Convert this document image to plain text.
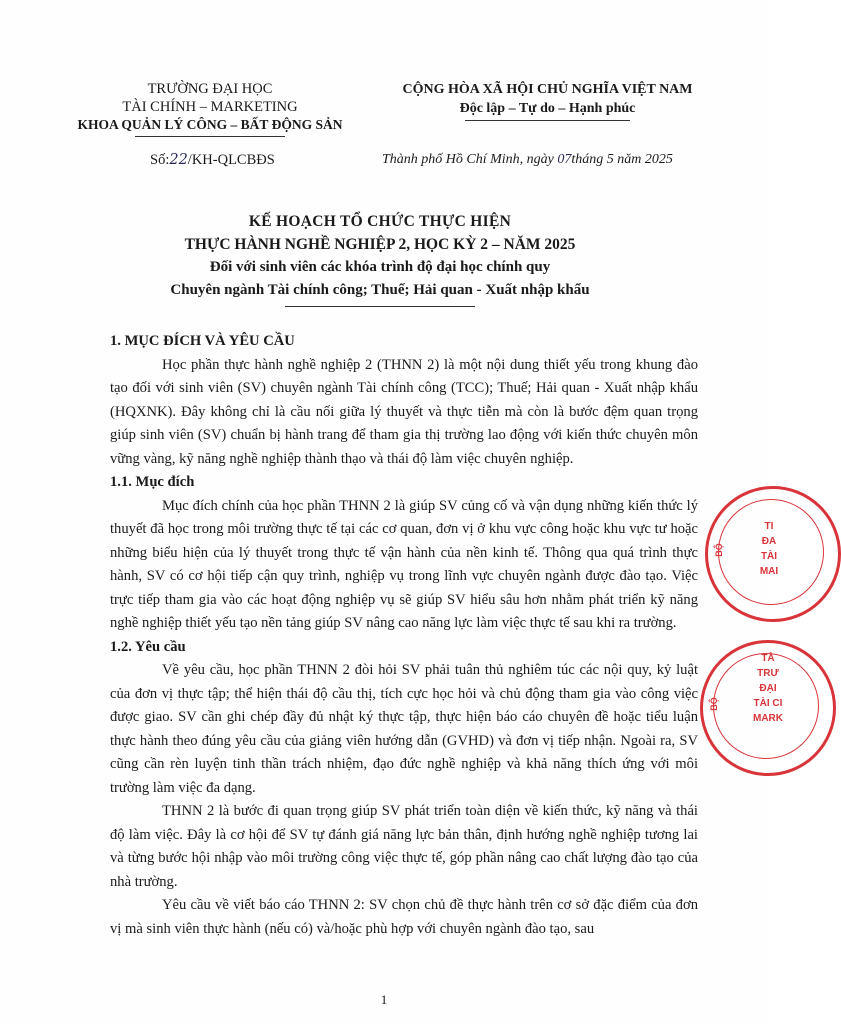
TRƯỜNG ĐẠI HỌC
TÀI CHÍNH – MARKETING
KHOA QUẢN LÝ CÔNG – BẤT ĐỘNG SẢN
CỘNG HÒA XÃ HỘI CHỦ NGHĨA VIỆT NAM
Độc lập – Tự do – Hạnh phúc
Số:22/KH-QLCBĐS	Thành phố Hồ Chí Minh, ngày 07tháng 5 năm 2025
KẾ HOẠCH TỔ CHỨC THỰC HIỆN
THỰC HÀNH NGHỀ NGHIỆP 2, HỌC KỲ 2 – NĂM 2025
Đối với sinh viên các khóa trình độ đại học chính quy
Chuyên ngành Tài chính công; Thuế; Hải quan - Xuất nhập khẩu
1. MỤC ĐÍCH VÀ YÊU CẦU

Học phần thực hành nghề nghiệp 2 (THNN 2) là một nội dung thiết yếu trong khung đào tạo đối với sinh viên (SV) chuyên ngành Tài chính công (TCC); Thuế; Hải quan - Xuất nhập khẩu (HQXNK). Đây không chỉ là cầu nối giữa lý thuyết và thực tiễn mà còn là bước đệm quan trọng giúp sinh viên (SV) chuẩn bị hành trang để tham gia thị trường lao động với kiến thức chuyên môn vững vàng, kỹ năng nghề nghiệp thành thạo và thái độ làm việc chuyên nghiệp.

1.1. Mục đích

Mục đích chính của học phần THNN 2 là giúp SV củng cố và vận dụng những kiến thức lý thuyết đã học trong môi trường thực tế tại các cơ quan, đơn vị ở khu vực công hoặc khu vực tư hoặc những biểu hiện của lý thuyết trong thực tế vận hành của nền kinh tế. Thông qua quá trình thực hành, SV có cơ hội tiếp cận quy trình, nghiệp vụ trong lĩnh vực chuyên ngành được đào tạo. Việc trực tiếp tham gia vào các hoạt động nghiệp vụ sẽ giúp SV hiểu sâu hơn nhằm phát triển kỹ năng nghề nghiệp thiết yếu tạo nền tảng giúp SV nâng cao năng lực làm việc thực tế sau khi ra trường.

1.2. Yêu cầu

Về yêu cầu, học phần THNN 2 đòi hỏi SV phải tuân thủ nghiêm túc các nội quy, kỷ luật của đơn vị thực tập; thể hiện thái độ cầu thị, tích cực học hỏi và chủ động tham gia vào công việc được giao. SV cần ghi chép đầy đủ nhật ký thực tập, thực hiện báo cáo chuyên đề hoặc tiểu luận thực hành theo đúng yêu cầu của giảng viên hướng dẫn (GVHD) và đơn vị tiếp nhận. Ngoài ra, SV cũng cần rèn luyện tinh thần trách nhiệm, đạo đức nghề nghiệp và khả năng thích ứng với môi trường làm việc đa dạng.

THNN 2 là bước đi quan trọng giúp SV phát triển toàn diện về kiến thức, kỹ năng và thái độ làm việc. Đây là cơ hội để SV tự đánh giá năng lực bản thân, định hướng nghề nghiệp tương lai và từng bước hội nhập vào môi trường công việc thực tế, góp phần nâng cao chất lượng đào tạo của nhà trường.

Yêu cầu về viết báo cáo THNN 2: SV chọn chủ đề thực hành trên cơ sở đặc điểm của đơn vị mà sinh viên thực hành (nếu có) và/hoặc phù hợp với chuyên ngành đào tạo, sau

1
BỘ
TI
ĐA
TÀI
MAI
BỘ
TÀ
TRƯ
ĐẠI
TÀI CI
MARK
